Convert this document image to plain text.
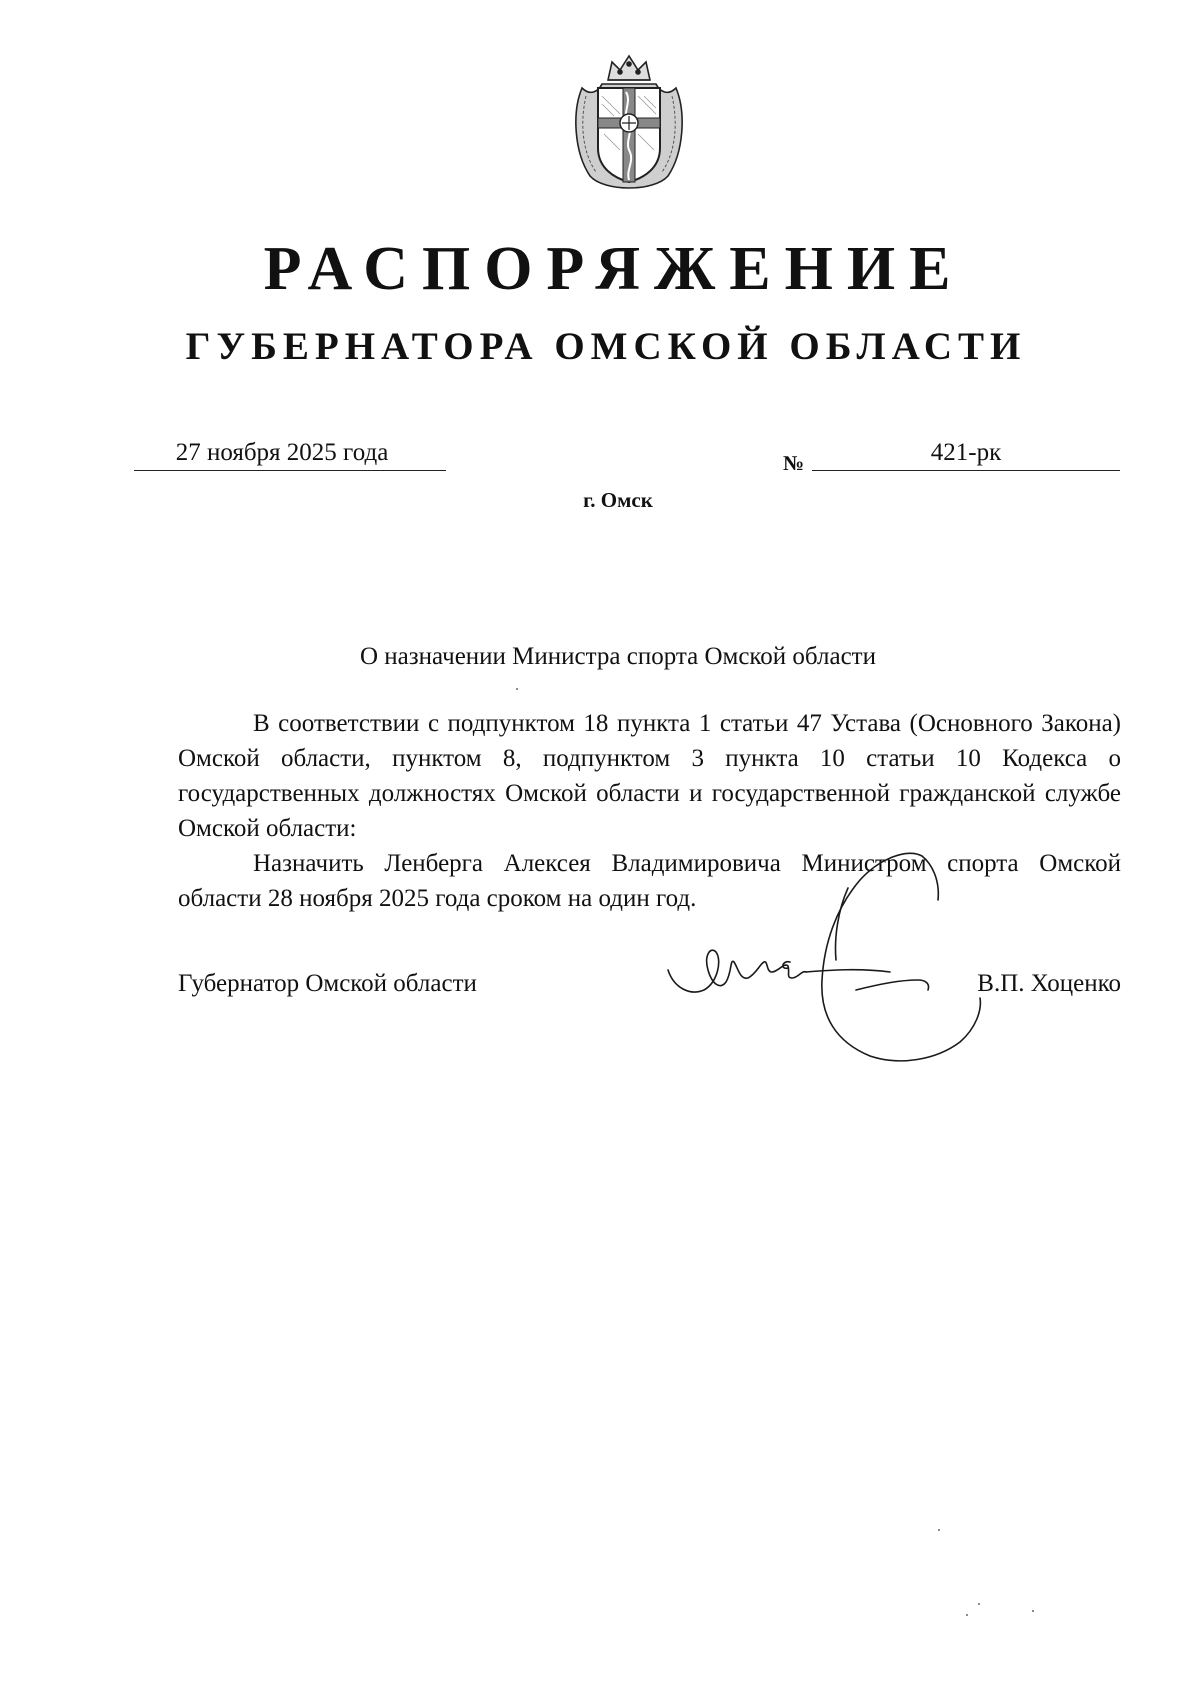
РАСПОРЯЖЕНИЕ
ГУБЕРНАТОРА ОМСКОЙ ОБЛАСТИ
27 ноября 2025 года	№	421-рк
г. Омск
О назначении Министра спорта Омской области

В соответствии с подпунктом 18 пункта 1 статьи 47 Устава (Основного Закона) Омской области, пунктом 8, подпунктом 3 пункта 10 статьи 10 Кодекса о государственных должностях Омской области и государственной гражданской службе Омской области:

Назначить Ленберга Алексея Владимировича Министром спорта Омской области 28 ноября 2025 года сроком на один год.

Губернатор Омской области	В.П. Хоценко
